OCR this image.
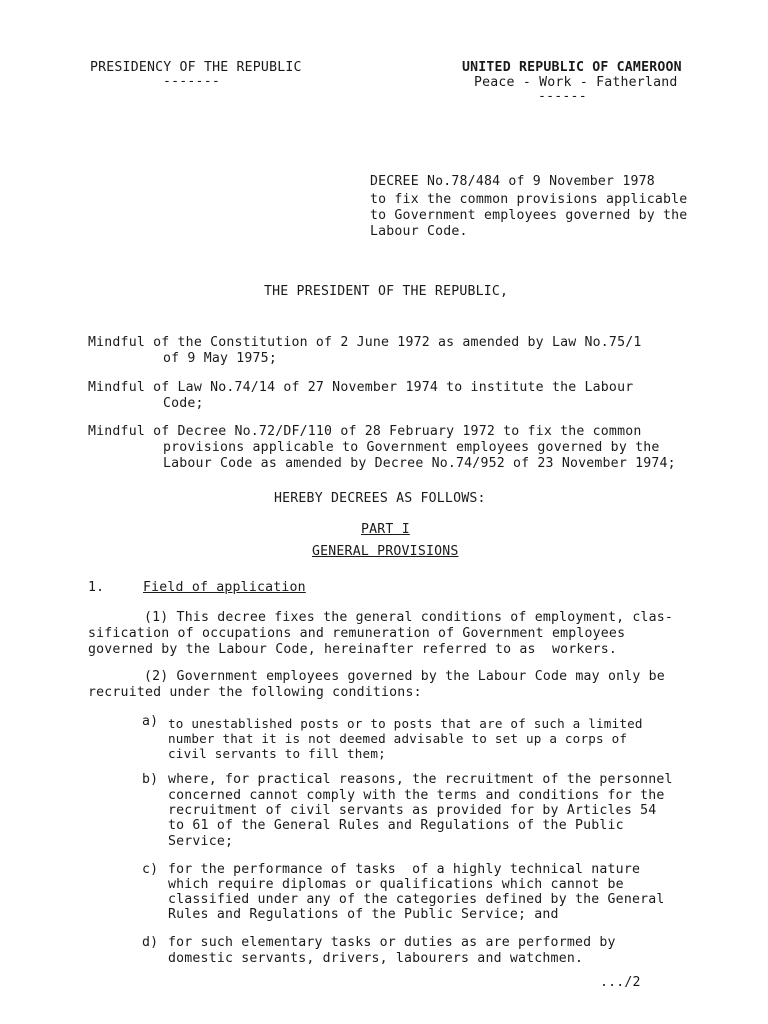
PRESIDENCY OF THE REPUBLIC
-------
UNITED REPUBLIC OF CAMEROON
Peace - Work - Fatherland
------
DECREE No.78/484 of 9 November 1978
to fix the common provisions applicable
to Government employees governed by the
Labour Code.
THE PRESIDENT OF THE REPUBLIC,
Mindful of the Constitution of 2 June 1972 as amended by Law No.75/1
of 9 May 1975;
Mindful of Law No.74/14 of 27 November 1974 to institute the Labour
Code;
Mindful of Decree No.72/DF/110 of 28 February 1972 to fix the common
provisions applicable to Government employees governed by the
Labour Code as amended by Decree No.74/952 of 23 November 1974;
HEREBY DECREES AS FOLLOWS:
PART I
GENERAL PROVISIONS
1.	Field of application
(1) This decree fixes the general conditions of employment, clas-
sification of occupations and remuneration of Government employees
governed by the Labour Code, hereinafter referred to as  workers.
(2) Government employees governed by the Labour Code may only be
recruited under the following conditions:
a) to unestablished posts or to posts that are of such a limited
number that it is not deemed advisable to set up a corps of
civil servants to fill them;
b) where, for practical reasons, the recruitment of the personnel
concerned cannot comply with the terms and conditions for the
recruitment of civil servants as provided for by Articles 54
to 61 of the General Rules and Regulations of the Public
Service;
c) for the performance of tasks  of a highly technical nature
which require diplomas or qualifications which cannot be
classified under any of the categories defined by the General
Rules and Regulations of the Public Service; and
d) for such elementary tasks or duties as are performed by
domestic servants, drivers, labourers and watchmen.
.../2
